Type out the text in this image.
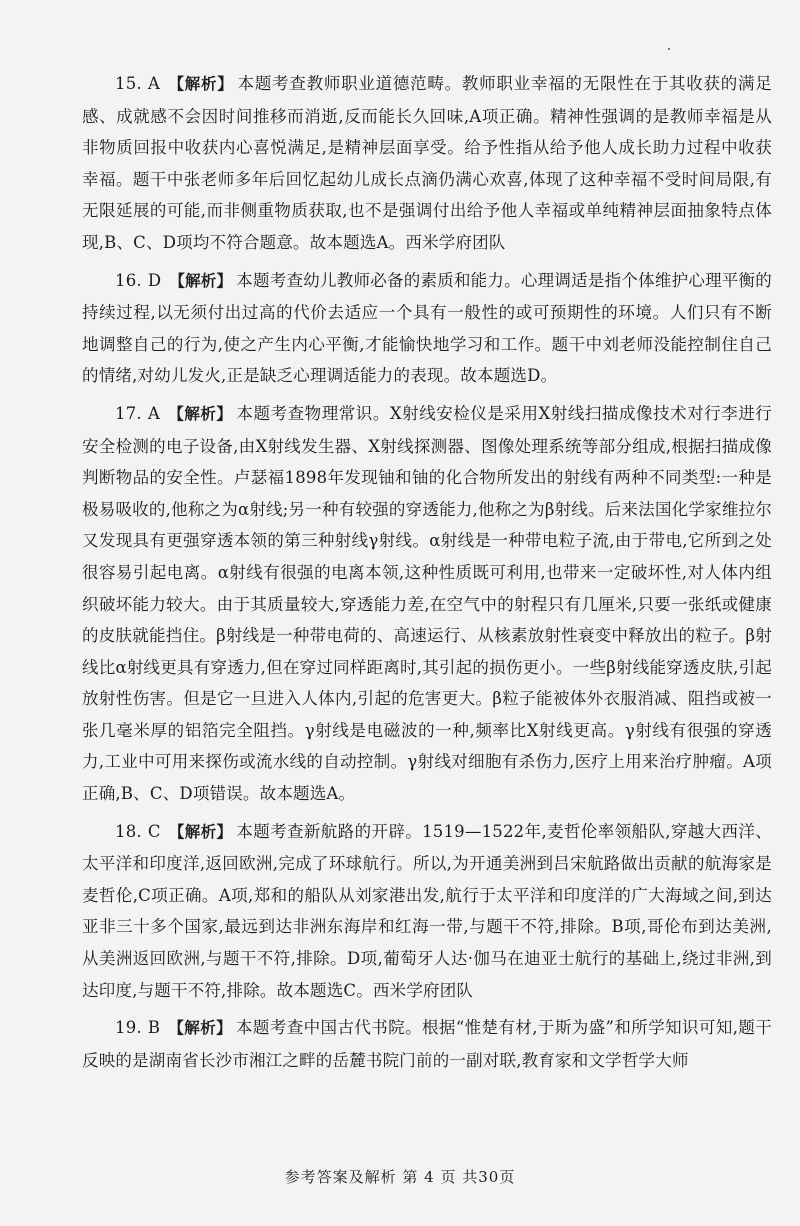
15. A 【解析】 本题考查教师职业道德范畴。教师职业幸福的无限性在于其收获的满足感、成就感不会因时间推移而消逝,反而能长久回味,A项正确。精神性强调的是教师幸福是从非物质回报中收获内心喜悦满足,是精神层面享受。给予性指从给予他人成长助力过程中收获幸福。题干中张老师多年后回忆起幼儿成长点滴仍满心欢喜,体现了这种幸福不受时间局限,有无限延展的可能,而非侧重物质获取,也不是强调付出给予他人幸福或单纯精神层面抽象特点体现,B、C、D项均不符合题意。故本题选A。西米学府团队

16. D 【解析】 本题考查幼儿教师必备的素质和能力。心理调适是指个体维护心理平衡的持续过程,以无须付出过高的代价去适应一个具有一般性的或可预期性的环境。人们只有不断地调整自己的行为,使之产生内心平衡,才能愉快地学习和工作。题干中刘老师没能控制住自己的情绪,对幼儿发火,正是缺乏心理调适能力的表现。故本题选D。

17. A 【解析】 本题考查物理常识。X射线安检仪是采用X射线扫描成像技术对行李进行安全检测的电子设备,由X射线发生器、X射线探测器、图像处理系统等部分组成,根据扫描成像判断物品的安全性。卢瑟福1898年发现铀和铀的化合物所发出的射线有两种不同类型:一种是极易吸收的,他称之为α射线;另一种有较强的穿透能力,他称之为β射线。后来法国化学家维拉尔又发现具有更强穿透本领的第三种射线γ射线。α射线是一种带电粒子流,由于带电,它所到之处很容易引起电离。α射线有很强的电离本领,这种性质既可利用,也带来一定破坏性,对人体内组织破坏能力较大。由于其质量较大,穿透能力差,在空气中的射程只有几厘米,只要一张纸或健康的皮肤就能挡住。β射线是一种带电荷的、高速运行、从核素放射性衰变中释放出的粒子。β射线比α射线更具有穿透力,但在穿过同样距离时,其引起的损伤更小。一些β射线能穿透皮肤,引起放射性伤害。但是它一旦进入人体内,引起的危害更大。β粒子能被体外衣服消减、阻挡或被一张几毫米厚的铝箔完全阻挡。γ射线是电磁波的一种,频率比X射线更高。γ射线有很强的穿透力,工业中可用来探伤或流水线的自动控制。γ射线对细胞有杀伤力,医疗上用来治疗肿瘤。A项正确,B、C、D项错误。故本题选A。

18. C 【解析】 本题考查新航路的开辟。1519—1522年,麦哲伦率领船队,穿越大西洋、太平洋和印度洋,返回欧洲,完成了环球航行。所以,为开通美洲到吕宋航路做出贡献的航海家是麦哲伦,C项正确。A项,郑和的船队从刘家港出发,航行于太平洋和印度洋的广大海域之间,到达亚非三十多个国家,最远到达非洲东海岸和红海一带,与题干不符,排除。B项,哥伦布到达美洲,从美洲返回欧洲,与题干不符,排除。D项,葡萄牙人达·伽马在迪亚士航行的基础上,绕过非洲,到达印度,与题干不符,排除。故本题选C。西米学府团队

19. B 【解析】 本题考查中国古代书院。根据“惟楚有材,于斯为盛”和所学知识可知,题干反映的是湖南省长沙市湘江之畔的岳麓书院门前的一副对联,教育家和文学哲学大师

参考答案及解析 第 4 页 共30页
